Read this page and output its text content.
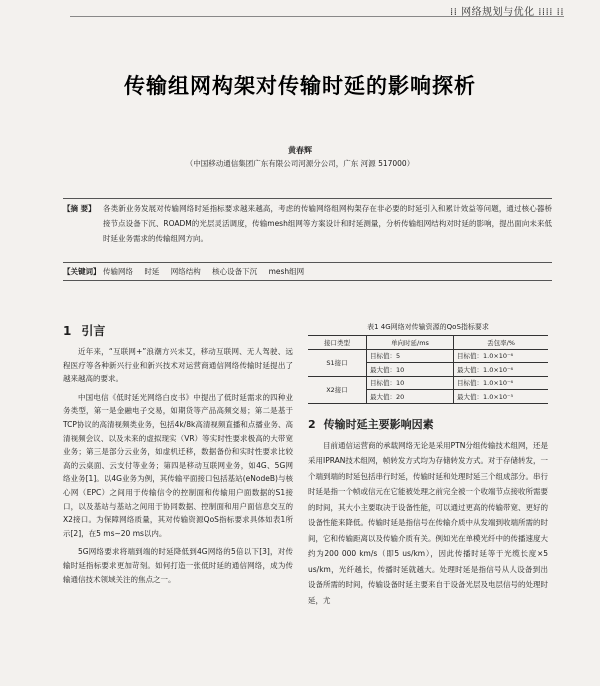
⁞⁞ 网络规划与优化 ⁞⁞⁞⁞ ⁞⁞
传输组网构架对传输时延的影响探析
黄春辉
（中国移动通信集团广东有限公司河源分公司，广东 河源 517000）
【摘 要】 各类新业务发展对传输网络时延指标要求越来越高，考虑的传输网络组网构架存在非必要的时延引入和累计效益等问题，通过核心器桥接节点设备下沉、ROADM的光层灵活调度，传输mesh组网等方案设计和时延测量，分析传输组网结构对时延的影响，提出面向未来低时延业务需求的传输组网方向。
【关键词】 传输网络 时延 网络结构 核心设备下沉 mesh组网
1 引言

近年来，“互联网+”浪潮方兴未艾，移动互联网、无人驾驶、远程医疗等各种新兴行业和新兴技术对运营商通信网络传输时延提出了越来越高的要求。

中国电信《低时延光网络白皮书》中提出了低时延需求的四种业务类型，第一是金融电子交易，如期货等产品高频交易；第二是基于TCP协议的高清视频类业务，包括4k/8k高清视频直播和点播业务、高清视频会议、以及未来的虚拟现实（VR）等实时性要求极高的大带宽业务；第三是部分云业务，如虚机迁移，数据备份和实时性要求比较高的云桌面、云支付等业务；第四是移动互联网业务，如4G、5G网络业务[1]。以4G业务为例，其传输平面接口包括基站(eNodeB)与核心网（EPC）之间用于传输信令的控制面和传输用户面数据的S1接口，以及基站与基站之间用于协同数据、控制面和用户面信息交互的X2接口。为保障网络质量，其对传输资源QoS指标要求具体如表1所示[2]，在5 ms~20 ms以内。

5G网络要求将端到端的时延降低到4G网络的5倍以下[3]，对传输时延指标要求更加苛刻。如何打造一张低时延的通信网络，成为传输通信技术领域关注的焦点之一。

表1 4G网络对传输资源的QoS指标要求
接口类型	单向时延/ms	丢包率/%
S1接口	目标值：5	目标值：1.0×10⁻⁶
	最大值：10	最大值：1.0×10⁻⁶
X2接口	目标值：10	目标值：1.0×10⁻⁶
	最大值：20	最大值：1.0×10⁻⁵
2 传输时延主要影响因素

目前通信运营商的承载网络无论是采用PTN分组传输技术组网，还是采用IPRAN技术组网，帧转发方式均为存储转发方式。对于存储转发，一个端到端的时延包括串行时延，传输时延和处理时延三个组成部分。串行时延是指一个帧或信元在它能被处理之前完全被一个收端节点接收所需要的时间，其大小主要取决于设备性能，可以通过更高的传输带宽、更好的设备性能来降低。传输时延是指信号在传输介质中从发端到收端所需的时间，它和传输距离以及传输介质有关。例如光在单模光纤中的传播速度大约为200 000 km/s（即5 us/km），因此传播时延等于光缆长度×5 us/km，光纤越长，传播时延就越大。处理时延是指信号从人设备到出设备所需的时间，传输设备时延主要来自于设备光层及电层信号的处理时延，尤
